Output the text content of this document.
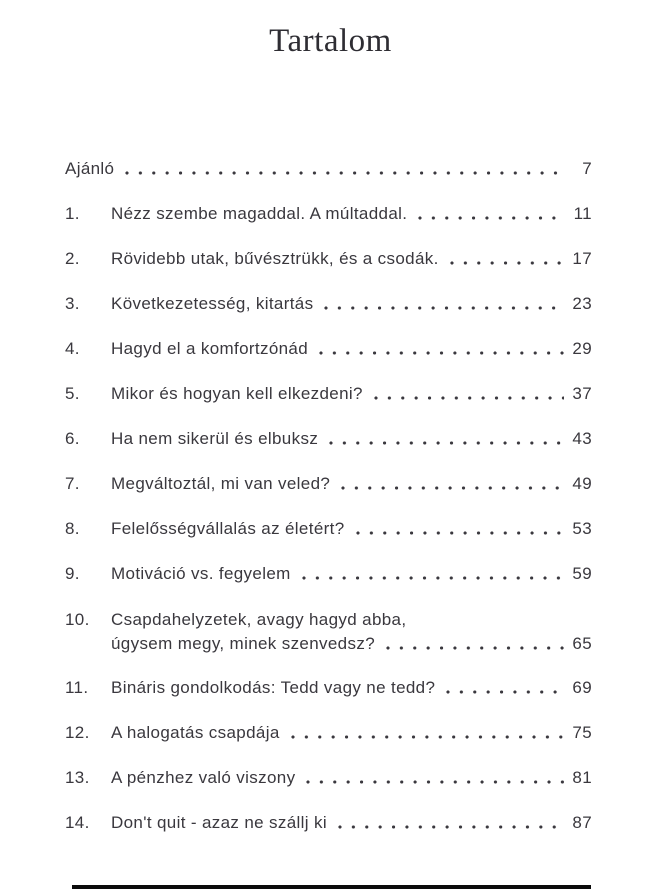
Tartalom
Ajánló	7
1.	Nézz szembe magaddal. A múltaddal.	11
2.	Rövidebb utak, bűvésztrükk, és a csodák.	17
3.	Következetesség, kitartás	23
4.	Hagyd el a komfortzónád	29
5.	Mikor és hogyan kell elkezdeni?	37
6.	Ha nem sikerül és elbuksz	43
7.	Megváltoztál, mi van veled?	49
8.	Felelősségvállalás az életért?	53
9.	Motiváció vs. fegyelem	59
10.	Csapdahelyzetek, avagy hagyd abba,
úgysem megy, minek szenvedsz?	65
11.	Bináris gondolkodás: Tedd vagy ne tedd?	69
12.	A halogatás csapdája	75
13.	A pénzhez való viszony	81
14.	Don't quit - azaz ne szállj ki	87
